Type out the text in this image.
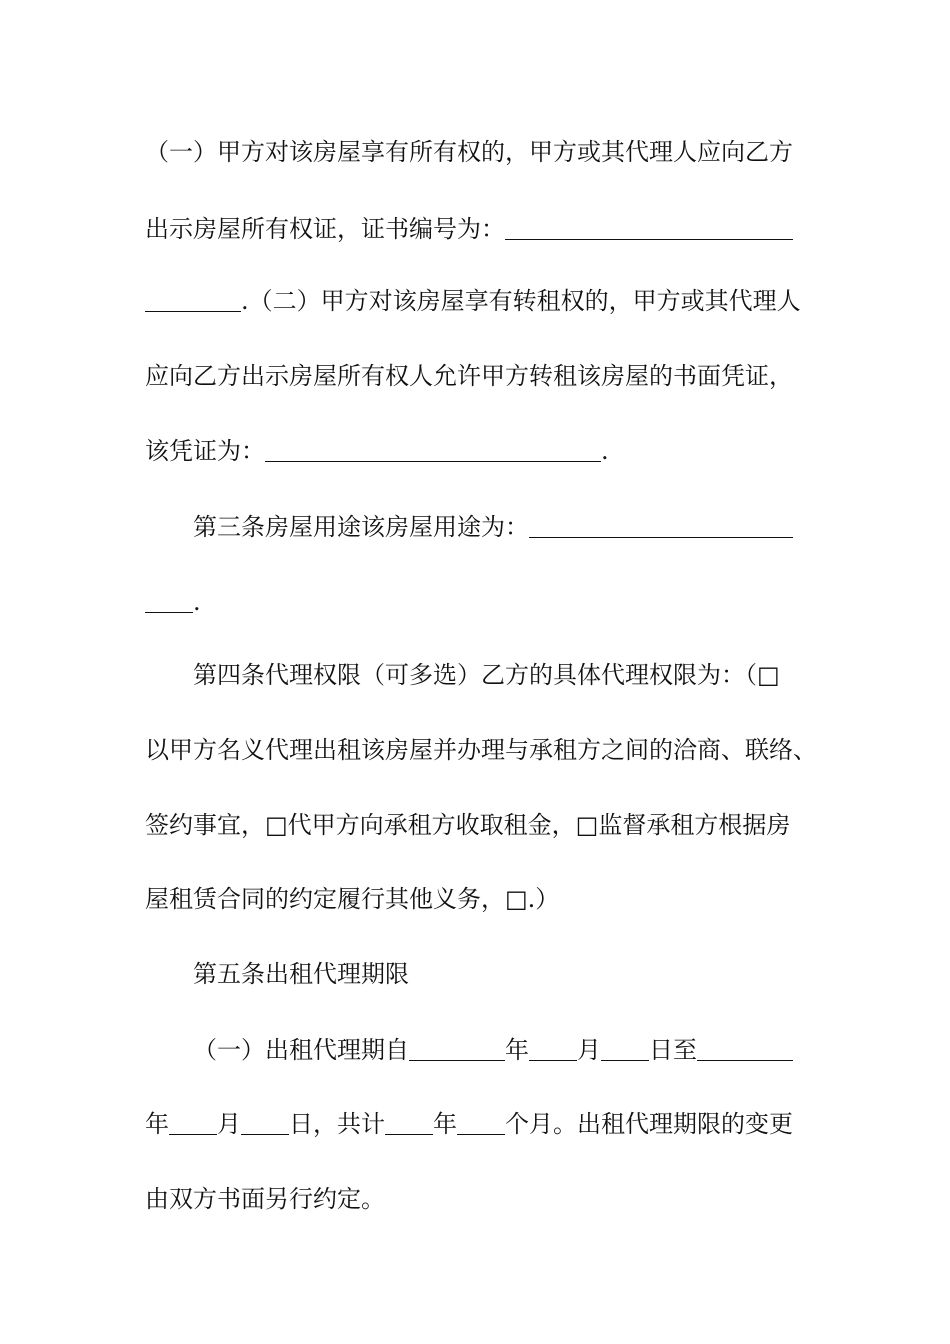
（一）甲方对该房屋享有所有权的，甲方或其代理人应向乙方
出示房屋所有权证，证书编号为：＿＿＿＿＿＿＿＿＿＿＿＿
＿＿＿＿.（二）甲方对该房屋享有转租权的，甲方或其代理人
应向乙方出示房屋所有权人允许甲方转租该房屋的书面凭证，
该凭证为：＿＿＿＿＿＿＿＿＿＿＿＿＿＿.
第三条房屋用途该房屋用途为：＿＿＿＿＿＿＿＿＿＿＿
＿＿.
第四条代理权限（可多选）乙方的具体代理权限为：（□
以甲方名义代理出租该房屋并办理与承租方之间的洽商、联络、
签约事宜，□代甲方向承租方收取租金，□监督承租方根据房
屋租赁合同的约定履行其他义务，□.）
第五条出租代理期限
（一）出租代理期自＿＿＿＿年＿＿月＿＿日至＿＿＿＿
年＿＿月＿＿日，共计＿＿年＿＿个月。出租代理期限的变更
由双方书面另行约定。
